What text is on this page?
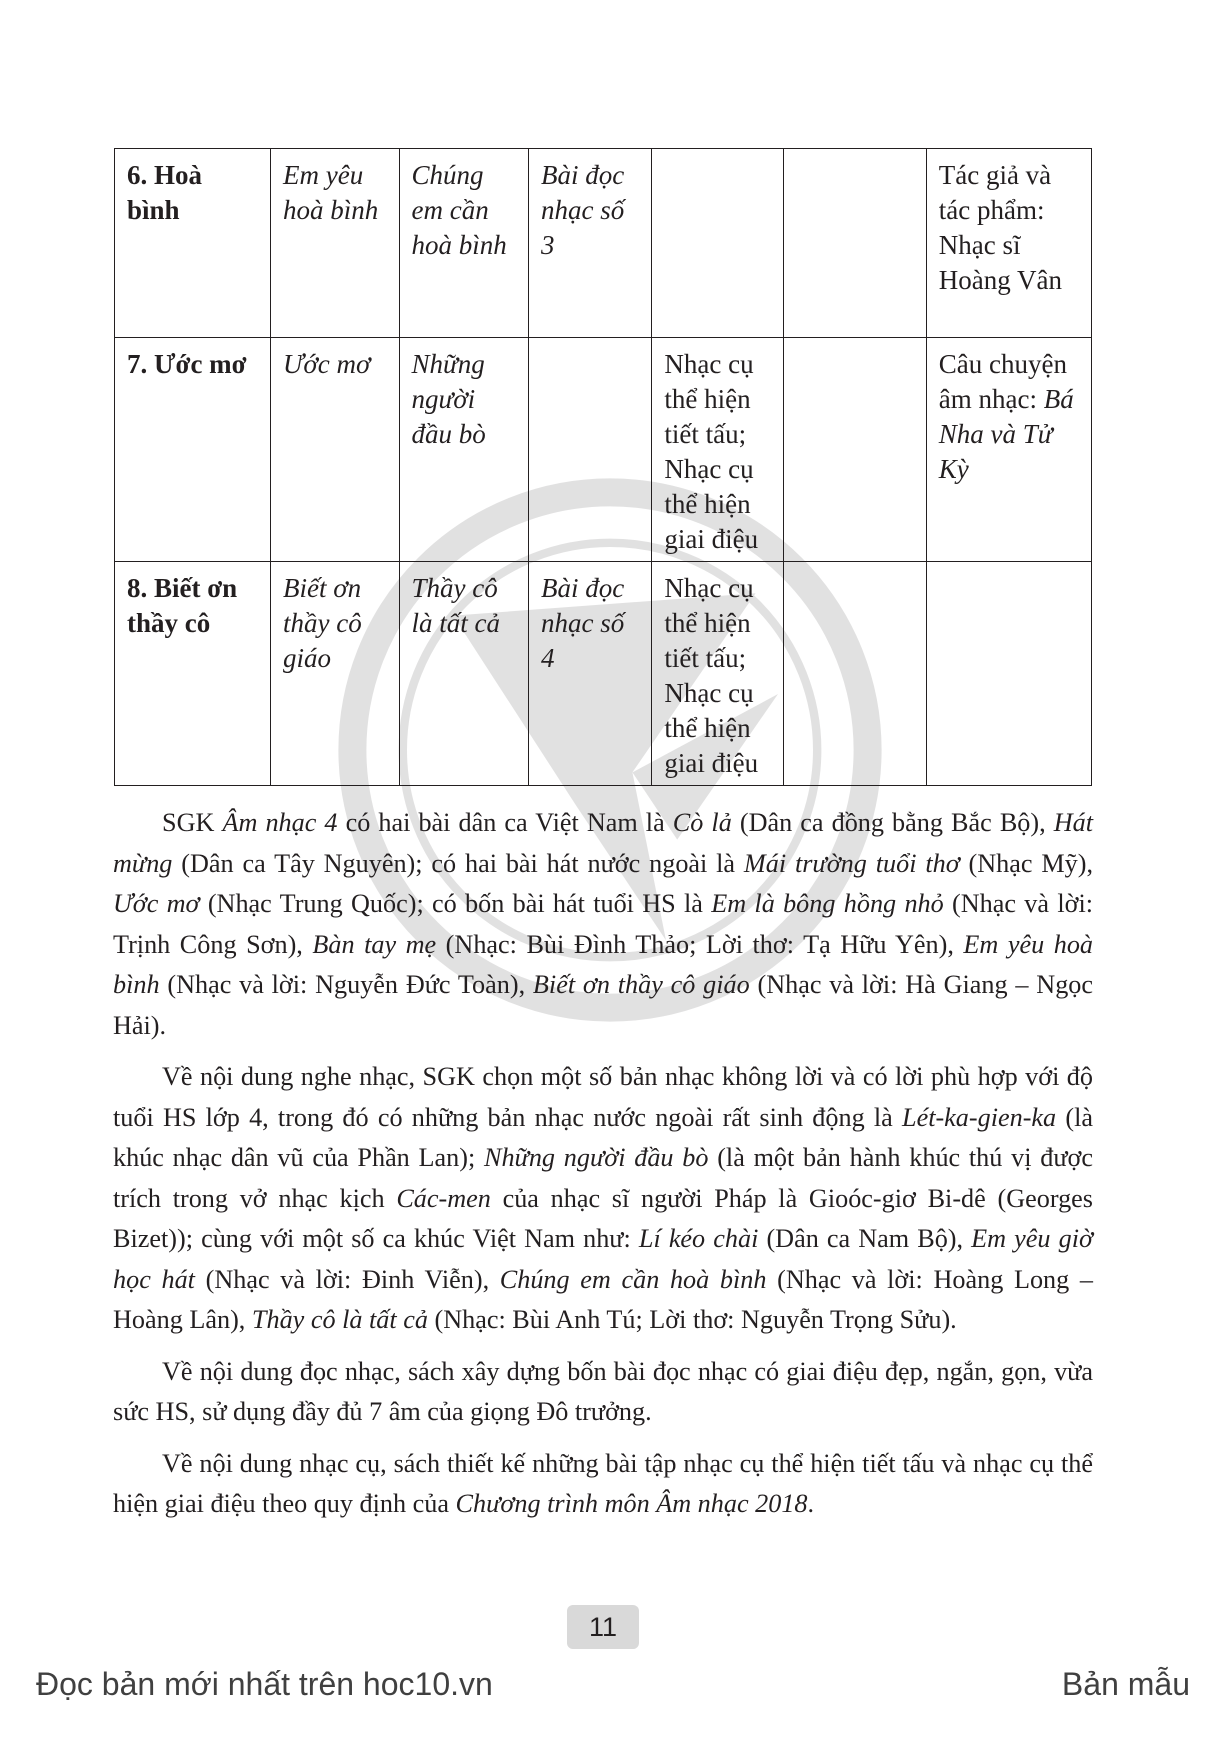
6. Hoà bình	Em yêu hoà bình	Chúng em cần hoà bình	Bài đọc nhạc số 3			Tác giả và tác phẩm: Nhạc sĩ Hoàng Vân
7. Ước mơ	Ước mơ	Những người đầu bò		Nhạc cụ thể hiện tiết tấu; Nhạc cụ thể hiện giai điệu		Câu chuyện âm nhạc: Bá Nha và Tử Kỳ
8. Biết ơn thầy cô	Biết ơn thầy cô giáo	Thầy cô là tất cả	Bài đọc nhạc số 4	Nhạc cụ thể hiện tiết tấu; Nhạc cụ thể hiện giai điệu		

SGK Âm nhạc 4 có hai bài dân ca Việt Nam là Cò lả (Dân ca đồng bằng Bắc Bộ), Hát mừng (Dân ca Tây Nguyên); có hai bài hát nước ngoài là Mái trường tuổi thơ (Nhạc Mỹ), Ước mơ (Nhạc Trung Quốc); có bốn bài hát tuổi HS là Em là bông hồng nhỏ (Nhạc và lời: Trịnh Công Sơn), Bàn tay mẹ (Nhạc: Bùi Đình Thảo; Lời thơ: Tạ Hữu Yên), Em yêu hoà bình (Nhạc và lời: Nguyễn Đức Toàn), Biết ơn thầy cô giáo (Nhạc và lời: Hà Giang – Ngọc Hải).

Về nội dung nghe nhạc, SGK chọn một số bản nhạc không lời và có lời phù hợp với độ tuổi HS lớp 4, trong đó có những bản nhạc nước ngoài rất sinh động là Lét-ka-gien-ka (là khúc nhạc dân vũ của Phần Lan); Những người đầu bò (là một bản hành khúc thú vị được trích trong vở nhạc kịch Các-men của nhạc sĩ người Pháp là Gioóc-giơ Bi-dê (Georges Bizet)); cùng với một số ca khúc Việt Nam như: Lí kéo chài (Dân ca Nam Bộ), Em yêu giờ học hát (Nhạc và lời: Đinh Viễn), Chúng em cần hoà bình (Nhạc và lời: Hoàng Long – Hoàng Lân), Thầy cô là tất cả (Nhạc: Bùi Anh Tú; Lời thơ: Nguyễn Trọng Sửu).

Về nội dung đọc nhạc, sách xây dựng bốn bài đọc nhạc có giai điệu đẹp, ngắn, gọn, vừa sức HS, sử dụng đầy đủ 7 âm của giọng Đô trưởng.

Về nội dung nhạc cụ, sách thiết kế những bài tập nhạc cụ thể hiện tiết tấu và nhạc cụ thể hiện giai điệu theo quy định của Chương trình môn Âm nhạc 2018.

11
Đọc bản mới nhất trên hoc10.vn	Bản mẫu
